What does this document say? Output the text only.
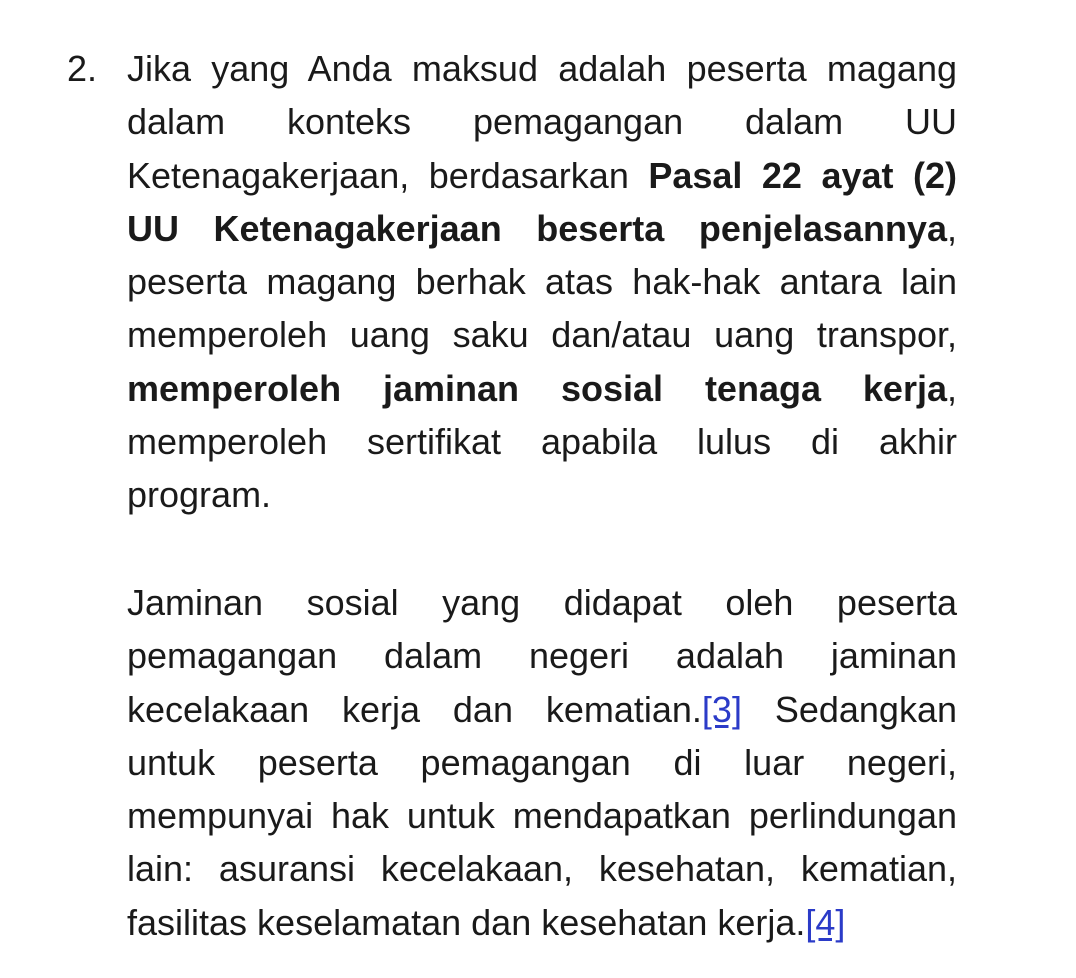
2. Jika yang Anda maksud adalah peserta magang dalam konteks pemagangan dalam UU Ketenagakerjaan, berdasarkan Pasal 22 ayat (2) UU Ketenagakerjaan beserta penjelasannya, peserta magang berhak atas hak-hak antara lain memperoleh uang saku dan/atau uang transpor, memperoleh jaminan sosial tenaga kerja, memperoleh sertifikat apabila lulus di akhir program.

Jaminan sosial yang didapat oleh peserta pemagangan dalam negeri adalah jaminan kecelakaan kerja dan kematian.[3] Sedangkan untuk peserta pemagangan di luar negeri, mempunyai hak untuk mendapatkan perlindungan lain: asuransi kecelakaan, kesehatan, kematian, fasilitas keselamatan dan kesehatan kerja.[4]
